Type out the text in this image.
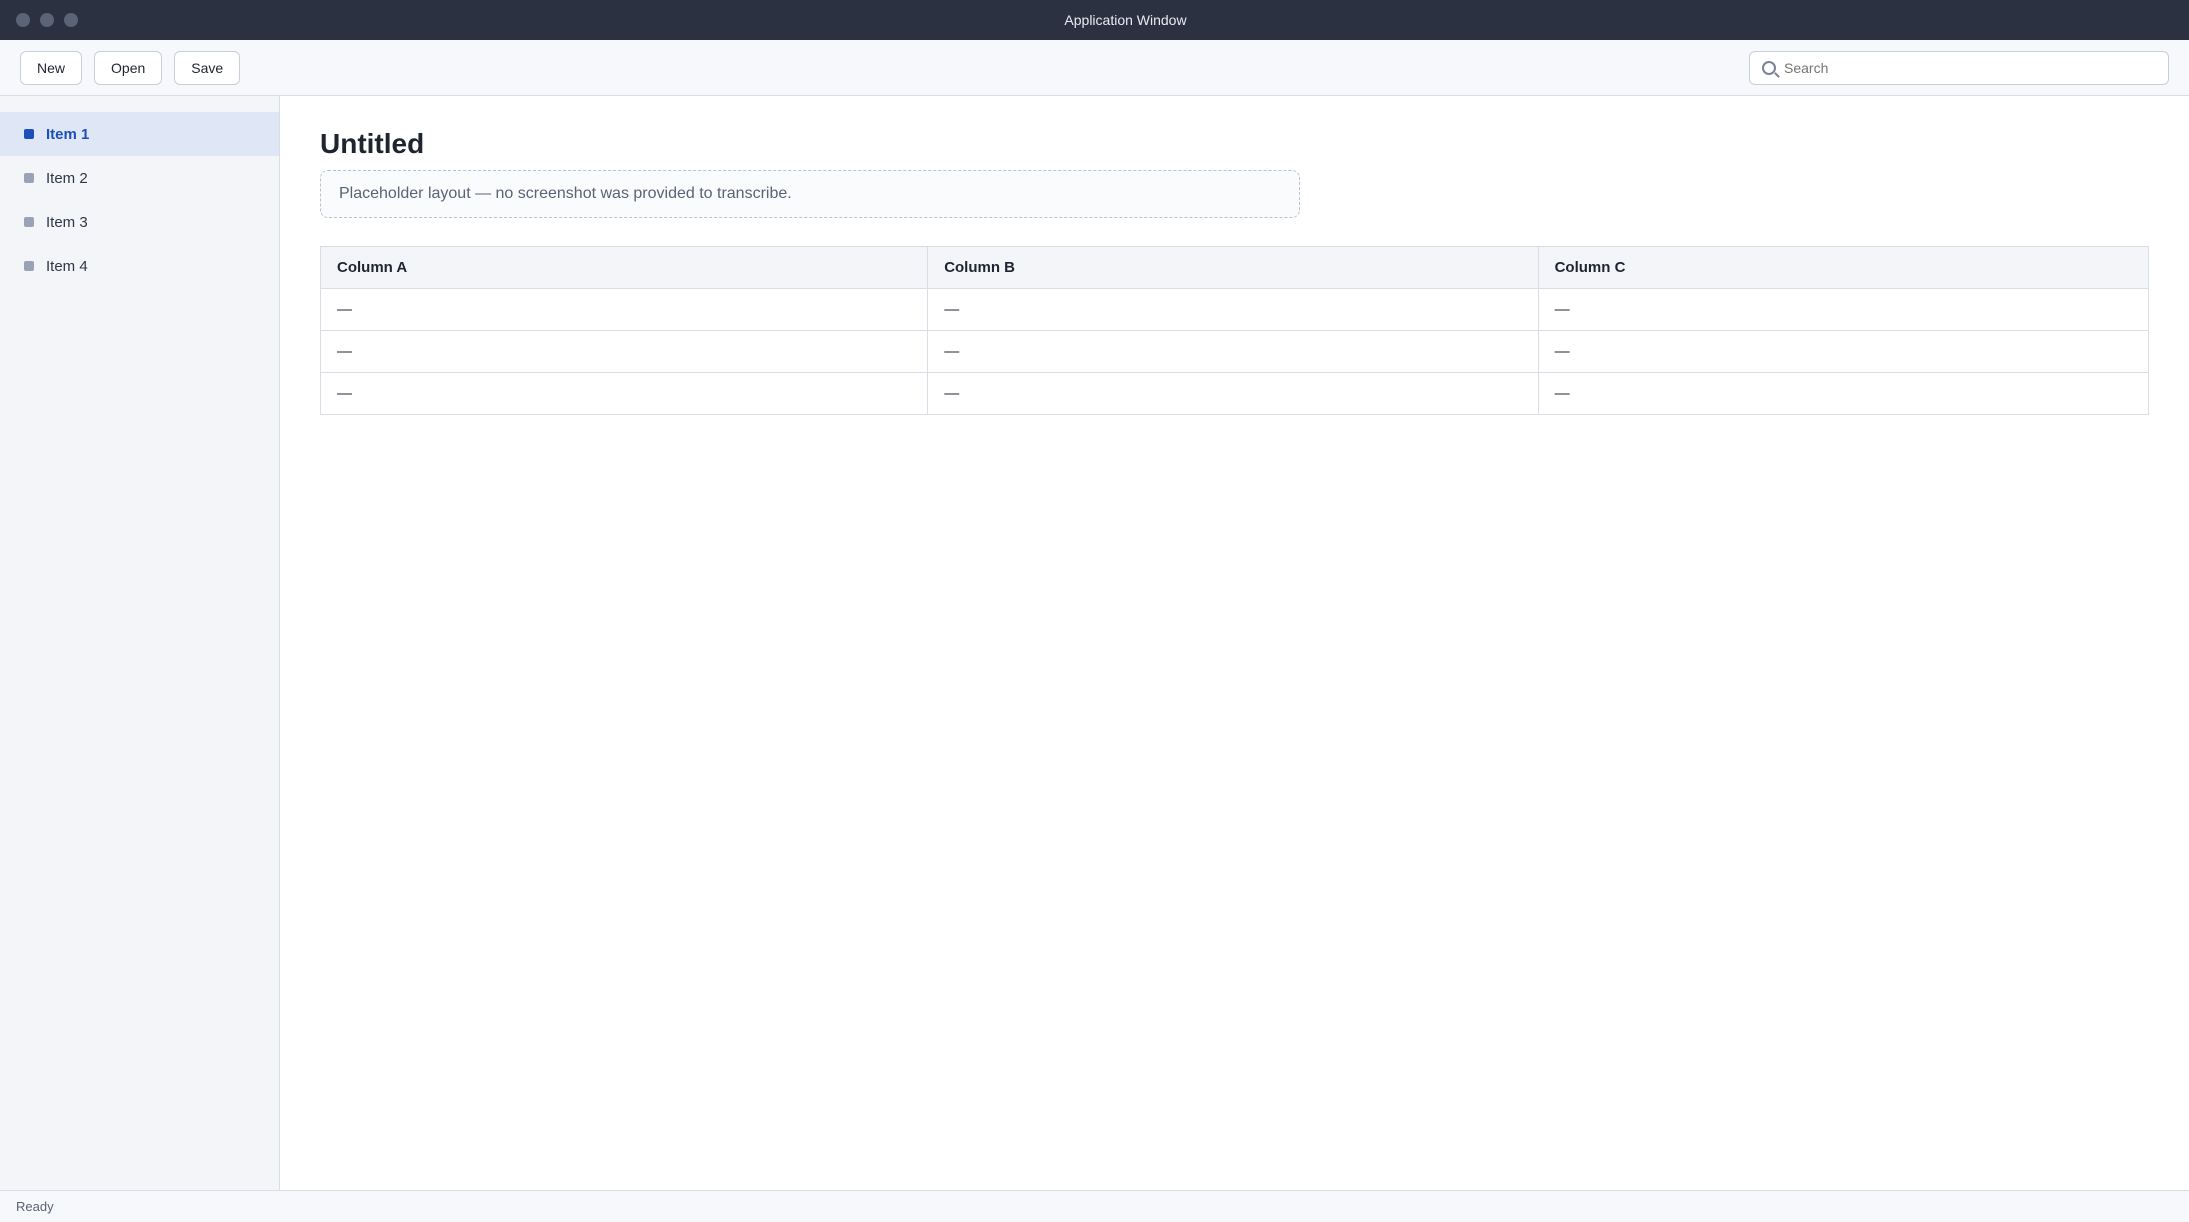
Application Window
New	Open	Save
Search
Item 1
Item 2
Item 3
Item 4
Untitled
Placeholder layout — no screenshot was provided to transcribe.
Column A	Column B	Column C
—	—	—
—	—	—
—	—	—
Ready
